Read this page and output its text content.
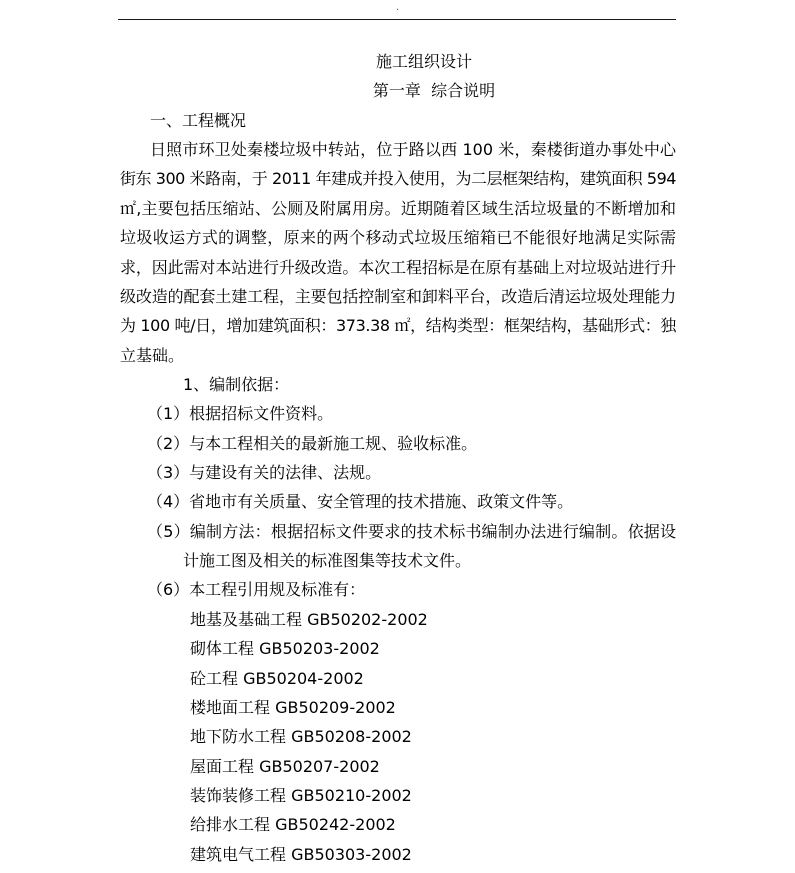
.
施工组织设计
第一章  综合说明
一、工程概况
日照市环卫处秦楼垃圾中转站，位于路以西 100 米，秦楼街道办事处中心
街东 300 米路南，于 2011 年建成并投入使用，为二层框架结构，建筑面积 594
㎡,主要包括压缩站、公厕及附属用房。近期随着区域生活垃圾量的不断增加和
垃圾收运方式的调整，原来的两个移动式垃圾压缩箱已不能很好地满足实际需
求，因此需对本站进行升级改造。本次工程招标是在原有基础上对垃圾站进行升
级改造的配套土建工程，主要包括控制室和卸料平台，改造后清运垃圾处理能力
为 100 吨/日，增加建筑面积：373.38 ㎡，结构类型：框架结构，基础形式：独
立基础。
1、编制依据：
（1）根据招标文件资料。
（2）与本工程相关的最新施工规、验收标准。
（3）与建设有关的法律、法规。
（4）省地市有关质量、安全管理的技术措施、政策文件等。
（5）编制方法：根据招标文件要求的技术标书编制办法进行编制。依据设
计施工图及相关的标准图集等技术文件。
（6）本工程引用规及标准有：
地基及基础工程 GB50202-2002
砌体工程 GB50203-2002
砼工程 GB50204-2002
楼地面工程 GB50209-2002
地下防水工程 GB50208-2002
屋面工程 GB50207-2002
装饰装修工程 GB50210-2002
给排水工程 GB50242-2002
建筑电气工程 GB50303-2002
